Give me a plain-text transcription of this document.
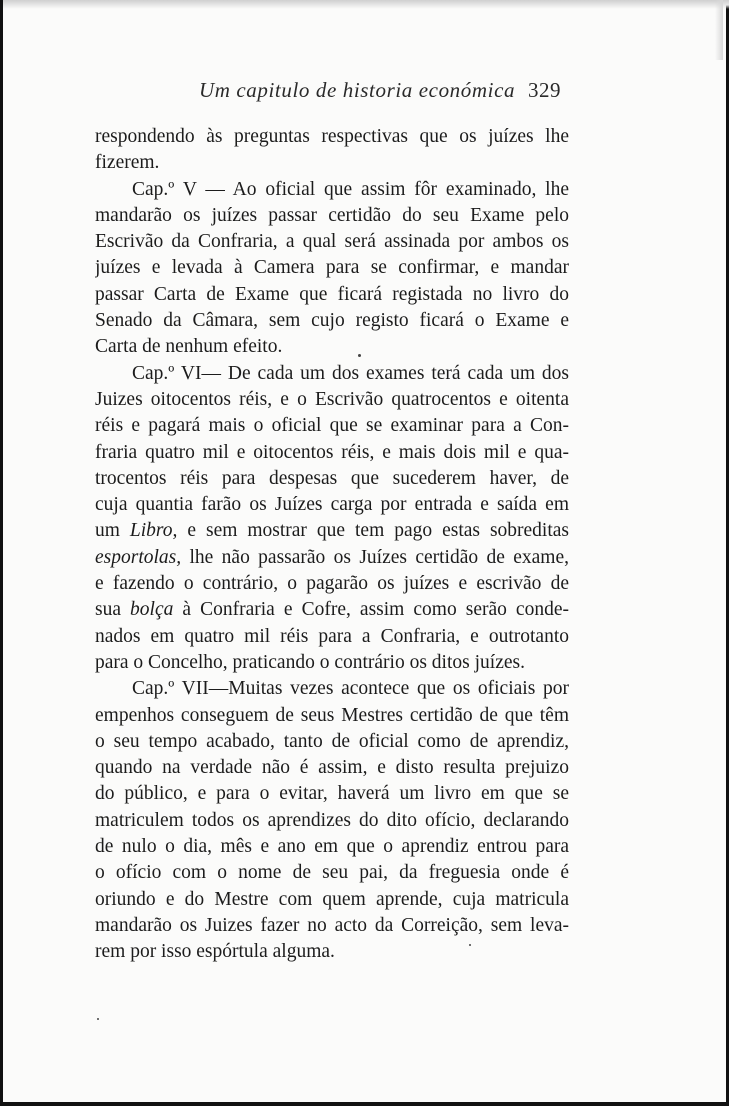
Um capitulo de historia económica 329
respondendo às preguntas respectivas que os juízes lhe
fizerem.
Cap.º V — Ao oficial que assim fôr examinado, lhe
mandarão os juízes passar certidão do seu Exame pelo
Escrivão da Confraria, a qual será assinada por ambos os
juízes e levada à Camera para se confirmar, e mandar
passar Carta de Exame que ficará registada no livro do
Senado da Câmara, sem cujo registo ficará o Exame e
Carta de nenhum efeito.
Cap.º VI— De cada um dos exames terá cada um dos
Juizes oitocentos réis, e o Escrivão quatrocentos e oitenta
réis e pagará mais o oficial que se examinar para a Con-
fraria quatro mil e oitocentos réis, e mais dois mil e qua-
trocentos réis para despesas que sucederem haver, de
cuja quantia farão os Juízes carga por entrada e saída em
um Libro, e sem mostrar que tem pago estas sobreditas
esportolas, lhe não passarão os Juízes certidão de exame,
e fazendo o contrário, o pagarão os juízes e escrivão de
sua bolça à Confraria e Cofre, assim como serão conde-
nados em quatro mil réis para a Confraria, e outrotanto
para o Concelho, praticando o contrário os ditos juízes.
Cap.º VII—Muitas vezes acontece que os oficiais por
empenhos conseguem de seus Mestres certidão de que têm
o seu tempo acabado, tanto de oficial como de aprendiz,
quando na verdade não é assim, e disto resulta prejuizo
do público, e para o evitar, haverá um livro em que se
matriculem todos os aprendizes do dito ofício, declarando
de nulo o dia, mês e ano em que o aprendiz entrou para
o ofício com o nome de seu pai, da freguesia onde é
oriundo e do Mestre com quem aprende, cuja matricula
mandarão os Juizes fazer no acto da Correição, sem leva-
rem por isso espórtula alguma.
